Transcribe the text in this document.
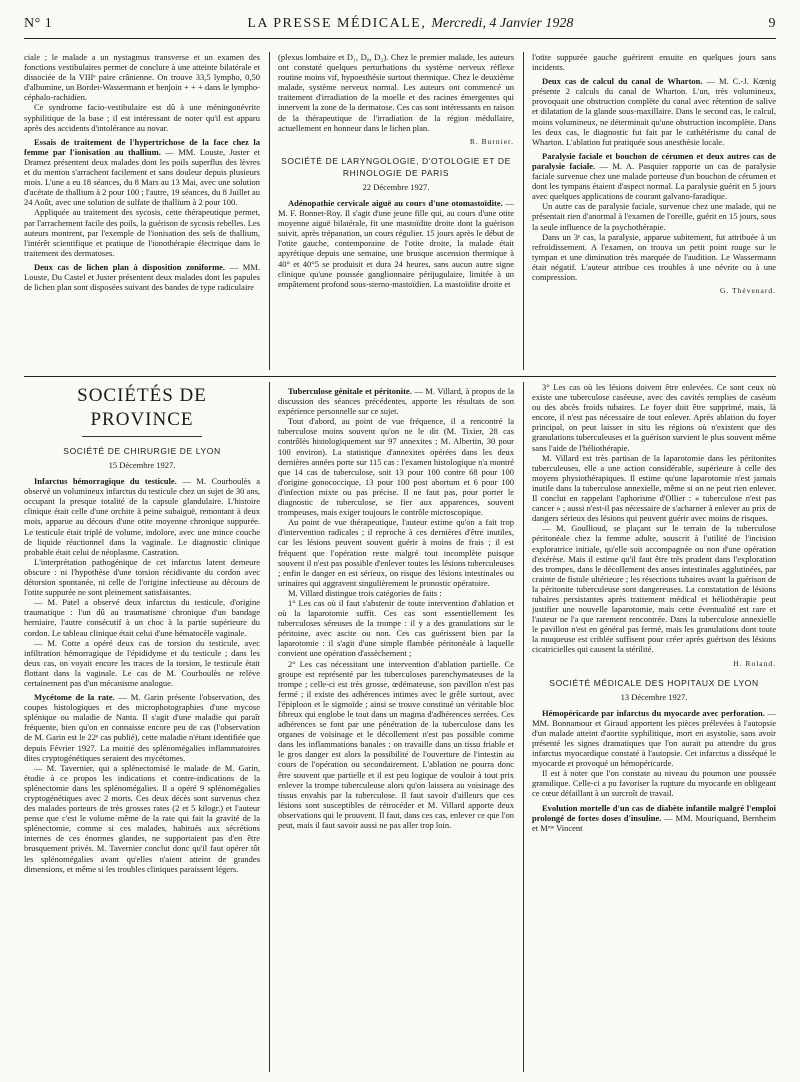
N° 1	LA PRESSE MÉDICALE, Mercredi, 4 Janvier 1928	9

ciale ; le malade a un nystagmus transverse et un examen des fonctions vestibulaires permet de conclure à une atteinte bilatérale et dissociée de la VIIIᵉ paire crânienne. On trouve 33,5 lympho, 0,50 d'albumine, un Bordet-Wassermann et benjoin + + + dans le lympho-céphalo-rachidien.

Ce syndrome facio-vestibulaire est dû à une méningonévrite syphilitique de la base ; il est intéressant de noter qu'il est apparu après des accidents d'intolérance au novar.

Essais de traitement de l'hypertrichose de la face chez la femme par l'ionisation au thallium. — MM. Louste, Juster et Dramez présentent deux malades dont les poils superflus des lèvres et du menton s'arrachent facilement et sans douleur depuis plusieurs mois. L'une a eu 18 séances, du 8 Mars au 13 Mai, avec une solution d'acétate de thallium à 2 pour 100 ; l'autre, 19 séances, du 8 Juillet au 24 Août, avec une solution de sulfate de thallium à 2 pour 100.

Appliquée au traitement des sycosis, cette thérapeutique permet, par l'arrachement facile des poils, la guérison de sycosis rebelles. Les auteurs montrent, par l'exemple de l'ionisation des sels de thallium, l'intérêt scientifique et pratique de l'ionothérapie électrique dans le traitement des dermatoses.

Deux cas de lichen plan à disposition zoniforme. — MM. Louste, Du Castel et Juster présentent deux malades dont les papules de lichen plan sont disposées suivant des bandes de type radiculaire

(plexus lombaire et D₁, D₈, D₂). Chez le premier malade, les auteurs ont constaté quelques perturbations du système nerveux réflexe routine moins vif, hypoesthésie surtout thermique. Chez le deuxième malade, système nerveux normal. Les auteurs ont commencé un traitement d'irradiation de la moelle et des racines émergentes qui innervent la zone de la dermatose. Ces cas sont intéressants en raison de la thérapeutique de l'irradiation de la région médullaire, actuellement en honneur dans le lichen plan.

R. Burnier.

SOCIÉTÉ DE LARYNGOLOGIE, D'OTOLOGIE ET DE RHINOLOGIE DE PARIS

22 Décembre 1927.

Adénopathie cervicale aiguë au cours d'une otomastoïdite. — M. F. Bonnet-Roy. Il s'agit d'une jeune fille qui, au cours d'une otite moyenne aiguë bilatérale, fit une mastoïdite droite dont la guérison suivit, après trépanation, un cours régulier. 15 jours après le début de l'otite gauche, contemporaine de l'otite droite, la malade était apyrétique depuis une semaine, une brusque ascension thermique à 40° et 40°5 se produisit et dura 24 heures, sans aucun autre signe clinique qu'une poussée ganglionnaire périjugulaire, limitée à un empâtement profond sous-sterno-mastoïdien. La mastoïdite droite et

l'otite suppurée gauche guérirent ensuite en quelques jours sans incidents.

Deux cas de calcul du canal de Wharton. — M. C.-J. Kœnig présente 2 calculs du canal de Wharton. L'un, très volumineux, provoquait une obstruction complète du canal avec rétention de salive et dilatation de la glande sous-maxillaire. Dans le second cas, le calcul, moins volumineux, ne déterminait qu'une obstruction incomplète. Dans les deux cas, le diagnostic fut fait par le cathétérisme du canal de Wharton. L'ablation fut pratiquée sous anesthésie locale.

Paralysie faciale et bouchon de cérumen et deux autres cas de paralysie faciale. — M. A. Pasquier rapporte un cas de paralysie faciale survenue chez une malade porteuse d'un bouchon de cérumen et dont les tympans étaient d'aspect normal. La paralysie guérit en 5 jours avec quelques applications de courant galvano-faradique.

Un autre cas de paralysie faciale, survenue chez une malade, qui ne présentait rien d'anormal à l'examen de l'oreille, guérit en 15 jours, sous la seule influence de la psychothérapie.

Dans un 3ᵉ cas, la paralysie, apparue subitement, fut attribuée à un refroidissement. A l'examen, on trouva un petit point rouge sur le tympan et une diminution très marquée de l'audition. Le Wassermann était négatif. L'auteur attribue ces troubles à une névrite ou à une compression.

G. Thévenard.

SOCIÉTÉS DE PROVINCE

SOCIÉTÉ DE CHIRURGIE DE LYON

15 Décembre 1927.

Infarctus hémorragique du testicule. — M. Courboulès a observé un volumineux infarctus du testicule chez un sujet de 30 ans, occupant la presque totalité de la capsule glandulaire. L'histoire clinique était celle d'une orchite à peine subaiguë, remontant à deux mois, apparue au décours d'une otite moyenne chronique suppurée. Le testicule était triplé de volume, indolore, avec une mince couche de liquide réactionnel dans la vaginale. Le diagnostic clinique probable était celui de néoplasme. Castration.

L'interprétation pathogénique de cet infarctus latent demeure obscure : ni l'hypothèse d'une torsion récidivante du cordon avec détorsion spontanée, ni celle de l'origine infectieuse au décours de l'otite suppurée ne sont pleinement satisfaisantes.

— M. Patel a observé deux infarctus du testicule, d'origine traumatique : l'un dû au traumatisme chronique d'un bandage herniaire, l'autre consécutif à un choc à la partie supérieure du cordon. Le tableau clinique était celui d'une hématocèle vaginale.

— M. Cotte a opéré deux cas de torsion du testicule, avec infiltration hémorragique de l'épididyme et du testicule ; dans les deux cas, on voyait encore les traces de la torsion, le testicule était flottant dans la vaginale. Le cas de M. Courboulès ne relève certainement pas d'un mécanisme analogue.

Mycétome de la rate. — M. Garin présente l'observation, des coupes histologiques et des microphotographies d'une mycose splénique ou maladie de Nanta. Il s'agit d'une maladie qui paraît fréquente, bien qu'on en connaisse encore peu de cas (l'observation de M. Garin est le 22ᵉ cas publié), cette maladie n'étant identifiée que depuis Février 1927. La moitié des splénomégalies inflammatoires dites cryptogénétiques seraient des mycétomes.

— M. Tavernier, qui a splénectomisé le malade de M. Garin, étudie à ce propos les indications et contre-indications de la splénectomie dans les splénomégalies. Il a opéré 9 splénomégalies cryptogénétiques avec 2 morts. Ces deux décès sont survenus chez des malades porteurs de très grosses rates (2 et 5 kilogr.) et l'auteur pense que c'est le volume même de la rate qui fait la gravité de la splénectomie, comme si ces malades, habitués aux sécrétions internes de ces énormes glandes, ne supportaient pas d'en être brusquement privés. M. Tavernier conclut donc qu'il faut opérer tôt les splénomégalies avant qu'elles n'aient atteint de grandes dimensions, et même si les troubles cliniques paraissent légers.

Tuberculose génitale et péritonite. — M. Villard, à propos de la discussion des séances précédentes, apporte les résultats de son expérience personnelle sur ce sujet.

Tout d'abord, au point de vue fréquence, il a rencontré la tuberculose moins souvent qu'on ne le dit (M. Tixier, 28 cas contrôlés histologiquement sur 97 annexites ; M. Albertin, 30 pour 100 environ). La statistique d'annexites opérées dans les deux dernières années porte sur 115 cas : l'examen histologique n'a montré que 14 cas de tuberculose, soit 13 pour 100 contre 68 pour 100 d'origine gonococcique, 13 pour 100 post abortum et 6 pour 100 d'infection mixte ou pas précise. Il ne faut pas, pour porter le diagnostic de tuberculose, se fier aux apparences, souvent trompeuses, mais exiger toujours le contrôle microscopique.

Au point de vue thérapeutique, l'auteur estime qu'on a fait trop d'intervention radicales ; il reproche à ces dernières d'être inutiles, car les lésions peuvent souvent guérir à moins de frais ; il est fréquent que l'opération reste malgré tout incomplète puisque souvent il n'est pas possible d'enlever toutes les lésions tuberculeuses ; enfin le danger en est sérieux, on risque des lésions intestinales ou urinaires qui aggravent singulièrement le pronostic opératoire.

M. Villard distingue trois catégories de faits :

1° Les cas où il faut s'abstenir de toute intervention d'ablation et où la laparotomie suffit. Ces cas sont essentiellement les tuberculoses séreuses de la trompe : il y a des granulations sur le péritoine, avec ascite ou non. Ces cas guérissent bien par la laparotomie : il s'agit d'une simple flambée péritonéale à laquelle convient une opération d'assèchement ;

2° Les cas nécessitant une intervention d'ablation partielle. Ce groupe est représenté par les tuberculoses parenchymateuses de la trompe ; celle-ci est très grosse, œdémateuse, son pavillon n'est pas fermé ; il existe des adhérences intimes avec le grêle surtout, avec l'épiploon et le sigmoïde ; ainsi se trouve constitué un véritable bloc fibreux qui englobe le tout dans un magma d'adhérences serrées. Ces adhérences se font par une pénétration de la tuberculose dans les organes de voisinage et le décollement n'est pas possible comme dans les inflammations banales : on travaille dans un tissu friable et le gros danger est alors la possibilité de l'ouverture de l'intestin au cours de l'opération ou secondairement. L'ablation ne pourra donc être souvent que partielle et il est peu logique de vouloir à tout prix enlever la trompe tuberculeuse alors qu'on laissera au voisinage des tissus envahis par la tuberculose. Il faut savoir d'ailleurs que ces lésions sont susceptibles de rétrocéder et M. Villard apporte deux observations qui le prouvent. Il faut, dans ces cas, enlever ce que l'on peut, mais il faut savoir aussi ne pas aller trop loin.

3° Les cas où les lésions doivent être enlevées. Ce sont ceux où existe une tuberculose caséeuse, avec des cavités remplies de caséum ou des abcès froids tubaires. Le foyer doit être supprimé, mais, là encore, il n'est pas nécessaire de tout enlever. Après ablation du foyer principal, on peut laisser in situ les régions où n'existent que des granulations tuberculeuses et la guérison survient le plus souvent même sans l'aide de l'héliothérapie.

M. Villard est très partisan de la laparotomie dans les péritonites tuberculeuses, elle a une action considérable, supérieure à celle des moyens physiothérapiques. Il estime qu'une laparotomie n'est jamais inutile dans la tuberculose annexielle, même si on ne peut rien enlever. Il conclut en rappelant l'aphorisme d'Ollier : « tuberculose n'est pas cancer » ; aussi n'est-il pas nécessaire de s'acharner à enlever au prix de dangers sérieux des lésions qui peuvent guérir avec moins de risques.

— M. Goullioud, se plaçant sur le terrain de la tuberculose péritonéale chez la femme adulte, souscrit à l'utilité de l'incision exploratrice initiale, qu'elle soit accompagnée ou non d'une opération d'exérèse. Mais il estime qu'il faut être très prudent dans l'exploration des trompes, dans le décollement des anses intestinales agglutinées, par crainte de fistule ultérieure ; les résections tubaires avant la guérison de la péritonite tuberculeuse sont dangereuses. La constatation de lésions tubaires persistantes après traitement médical et héliothérapie peut justifier une nouvelle laparotomie, mais cette éventualité est rare et l'auteur ne l'a que rarement rencontrée. Dans la tuberculose annexielle le pavillon n'est en général pas fermé, mais les granulations dont toute la muqueuse est criblée suffisent pour créer après guérison des lésions cicatricielles qui causent la stérilité.

H. Roland.

SOCIÉTÉ MÉDICALE DES HOPITAUX DE LYON

13 Décembre 1927.

Hémopéricarde par infarctus du myocarde avec perforation. — MM. Bonnamour et Giraud apportent les pièces prélevées à l'autopsie d'un malade atteint d'aortite syphilitique, mort en asystolie, sans avoir présenté les signes dramatiques que l'on aurait pu attendre du gros infarctus myocardique constaté à l'autopsie. Cet infarctus a disséqué le myocarde et provoqué un hémopéricarde.

Il est à noter que l'on constate au niveau du poumon une poussée granulique. Celle-ci a pu favoriser la rupture du myocarde en obligeant ce cœur défaillant à un surcroît de travail.

Evolution mortelle d'un cas de diabète infantile malgré l'emploi prolongé de fortes doses d'insuline. — MM. Mouriquand, Bernheim et Mᵐᵉ Vincent
